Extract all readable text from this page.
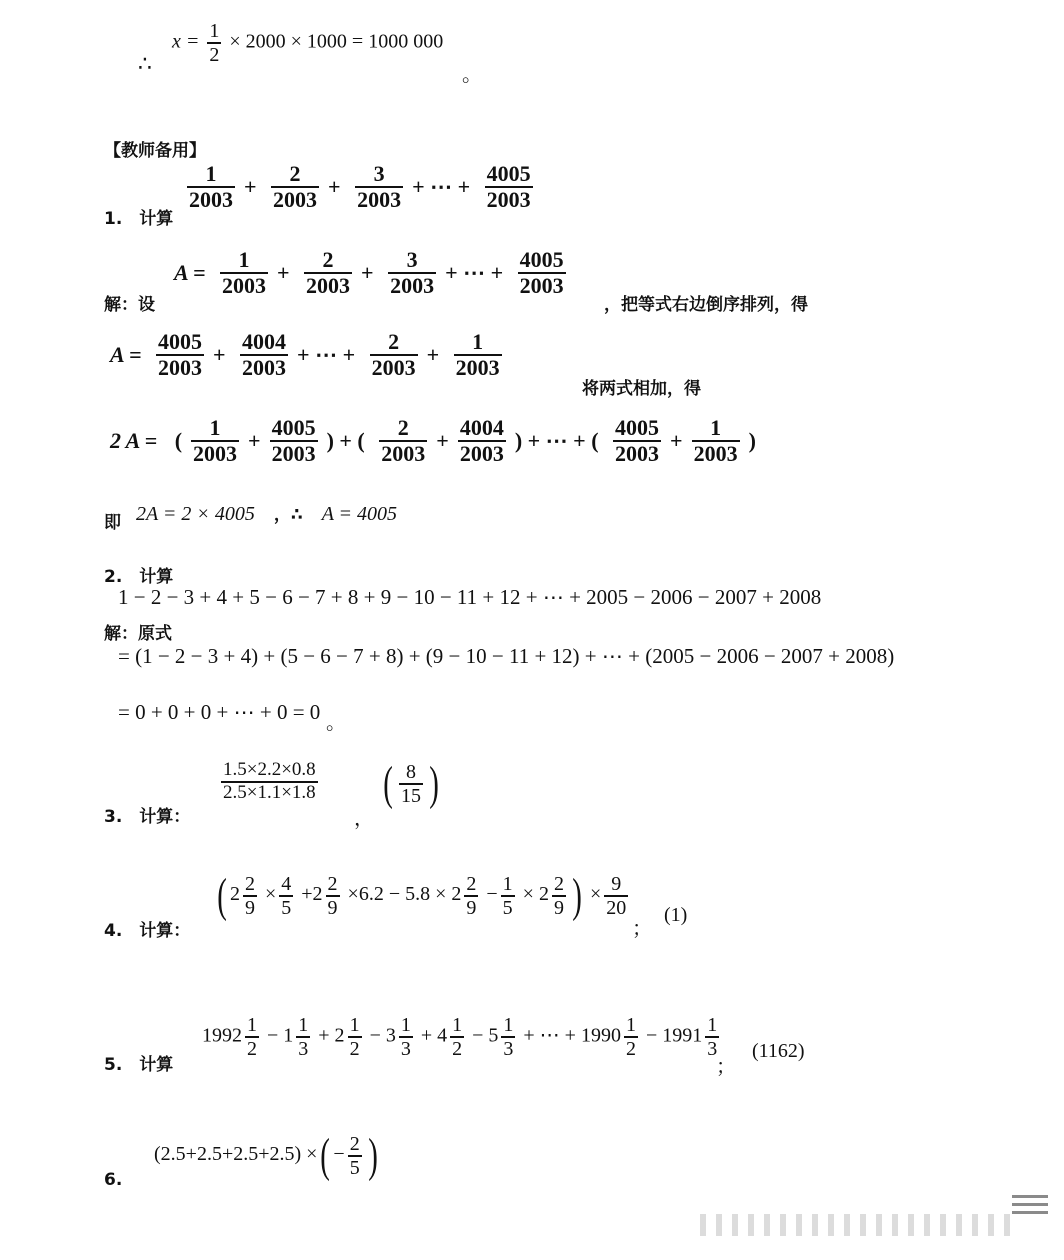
∴
$x = \frac{1}{2} \times 2000 \times 1000 = 1000$ 000
。
【教师备用】
1.　计算
$\frac{1}{2003} + \frac{2}{2003} + \frac{3}{2003}$ + ⋯ + $\frac{4005}{2003}$
解：设
$A = \frac{1}{2003} + \frac{2}{2003} + \frac{3}{2003}$ + ⋯ + $\frac{4005}{2003}$
，把等式右边倒序排列，得
$A = \frac{4005}{2003} + \frac{4004}{2003}$ + ⋯ + $\frac{2}{2003} + \frac{1}{2003}$
将两式相加，得
2 A = ( $\frac{1}{2003} + \frac{4005}{2003}$ ) + ( $\frac{2}{2003} + \frac{4004}{2003}$ ) + ⋯ + ( $\frac{4005}{2003} + \frac{1}{2003}$ )
即 2A = 2 × 4005 ，∴ A = 4005
2.　计算
1 − 2 − 3 + 4 + 5 − 6 − 7 + 8 + 9 − 10 − 11 + 12 + ⋯ + 2005 − 2006 − 2007 + 2008
解：原式
= (1 − 2 − 3 + 4) + (5 − 6 − 7 + 8) + (9 − 10 − 11 + 12) + ⋯ + (2005 − 2006 − 2007 + 2008)
= 0 + 0 + 0 + ⋯ + 0 = 0 。
3.　计算：
$\frac{1.5\times 2.2\times 0.8}{2.5\times 1.1\times 1.8}$
，
( $\frac{8}{15}$ )
4.　计算：
( $2 \frac{2}{9} \times \frac{4}{5} +2 \frac{2}{9} \times 6.2 - 5.8 \times 2 \frac{2}{9} - \frac{1}{5} \times 2 \frac{2}{9}$ ) × $\frac{9}{20}$
；
(1)
5.　计算
$1992 \frac{1}{2} - 1 \frac{1}{3} + 2 \frac{1}{2} - 3 \frac{1}{3} + 4 \frac{1}{2} - 5 \frac{1}{3}$ + ⋯ + $1990 \frac{1}{2} - 1991 \frac{1}{3}$
；
(1162)
6.
(2.5+2.5+2.5+2.5) ×( − $\frac{2}{5}$ )
